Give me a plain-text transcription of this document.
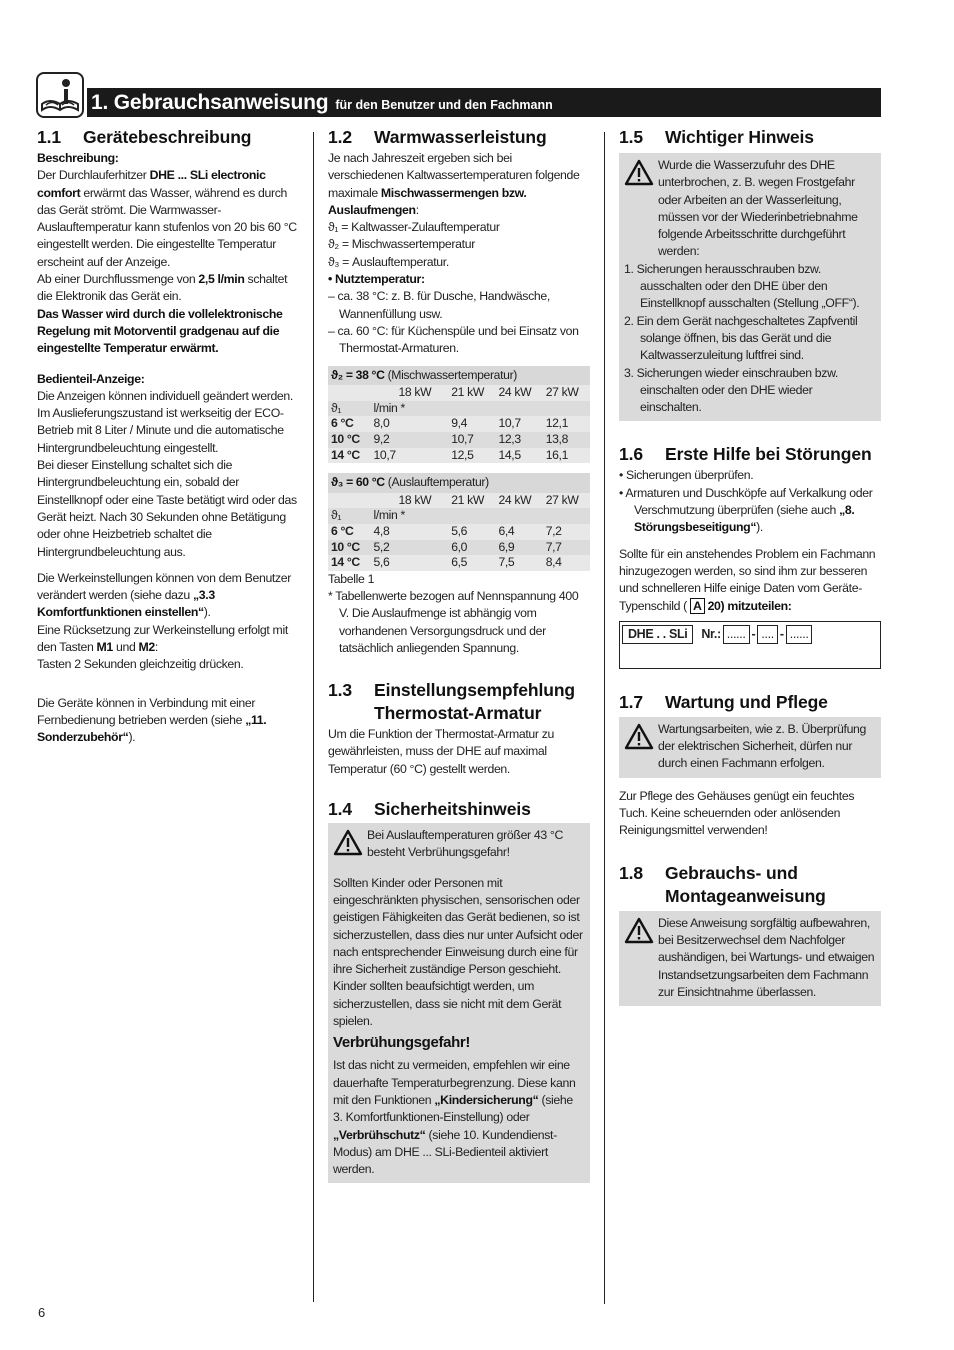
1. Gebrauchsanweisung für den Benutzer und den Fachmann
1.1	Gerätebeschreibung
Beschreibung:

Der Durchlauferhitzer DHE ... SLi electronic comfort erwärmt das Wasser, während es durch das Gerät strömt. Die Warmwasser-Auslauftemperatur kann stufenlos von 20 bis 60 °C eingestellt werden. Die eingestellte Temperatur erscheint auf der Anzeige.

Ab einer Durchflussmenge von 2,5 l/min schaltet die Elektronik das Gerät ein.

Das Wasser wird durch die vollelektronische Regelung mit Motorventil gradgenau auf die eingestellte Temperatur erwärmt.

Bedienteil-Anzeige:

Die Anzeigen können individuell geändert werden.

Im Auslieferungszustand ist werkseitig der ECO-Betrieb mit 8 Liter / Minute und die automatische Hintergrundbeleuchtung eingestellt.

Bei dieser Einstellung schaltet sich die Hintergrundbeleuchtung ein, sobald der Einstellknopf oder eine Taste betätigt wird oder das Gerät heizt. Nach 30 Sekunden ohne Betätigung oder ohne Heizbetrieb schaltet die Hintergrundbeleuchtung aus.

Die Werkeinstellungen können von dem Benutzer verändert werden (siehe dazu „3.3 Komfortfunktionen einstellen“).

Eine Rücksetzung zur Werkeinstellung erfolgt mit den Tasten M1 und M2:

Tasten 2 Sekunden gleichzeitig drücken.

Die Geräte können in Verbindung mit einer Fernbedienung betrieben werden (siehe „11. Sonderzubehör“).

1.2	Warmwasserleistung

Je nach Jahreszeit ergeben sich bei verschiedenen Kaltwassertemperaturen folgende maximale Mischwassermengen bzw. Auslaufmengen:

ϑ₁ = Kaltwasser-Zulauftemperatur

ϑ₂ = Mischwassertemperatur

ϑ₃ = Auslauftemperatur.

• Nutztemperatur:

– ca. 38 °C: z. B. für Dusche, Handwäsche, Wannenfüllung usw.

– ca. 60 °C: für Küchenspüle und bei Einsatz von Thermostat-Armaturen.

ϑ₂ = 38 °C (Mischwassertemperatur)				
	18 kW	21 kW	24 kW	27 kW
ϑ₁	l/min *			
6 °C	8,0	9,4	10,7	12,1
10 °C	9,2	10,7	12,3	13,8
14 °C	10,7	12,5	14,5	16,1
ϑ₃ = 60 °C (Auslauftemperatur)				
	18 kW	21 kW	24 kW	27 kW
ϑ₁	l/min *			
6 °C	4,8	5,6	6,4	7,2
10 °C	5,2	6,0	6,9	7,7
14 °C	5,6	6,5	7,5	8,4

Tabelle 1

* Tabellenwerte bezogen auf Nennspannung 400 V. Die Auslaufmenge ist abhängig vom vorhandenen Versorgungsdruck und der tatsächlich anliegenden Spannung.

1.3	Einstellungsempfehlung Thermostat-Armatur

Um die Funktion der Thermostat-Armatur zu gewährleisten, muss der DHE auf maximal Temperatur (60 °C) gestellt werden.

1.4	Sicherheitshinweis
Bei Auslauftemperaturen größer 43 °C besteht Verbrühungsgefahr!

Sollten Kinder oder Personen mit eingeschränkten physischen, sensorischen oder geistigen Fähigkeiten das Gerät bedienen, so ist sicherzustellen, dass dies nur unter Aufsicht oder nach entsprechender Einweisung durch eine für ihre Sicherheit zuständige Person geschieht.

Kinder sollten beaufsichtigt werden, um sicherzustellen, dass sie nicht mit dem Gerät spielen.

Verbrühungsgefahr!

Ist das nicht zu vermeiden, empfehlen wir eine dauerhafte Temperaturbegrenzung. Diese kann mit den Funktionen „Kindersicherung“ (siehe 3. Komfortfunktionen-Einstellung) oder „Verbrühschutz“ (siehe 10. Kundendienst-Modus) am DHE ... SLi-Bedienteil aktiviert werden.

1.5	Wichtiger Hinweis
Wurde die Wasserzufuhr des DHE unterbrochen, z. B. wegen Frostgefahr oder Arbeiten an der Wasserleitung, müssen vor der Wiederinbetriebnahme folgende Arbeitsschritte durchgeführt werden:

1. Sicherungen herausschrauben bzw. ausschalten oder den DHE über den Einstellknopf ausschalten (Stellung „OFF“).

2. Ein dem Gerät nachgeschaltetes Zapfventil solange öffnen, bis das Gerät und die Kaltwasserzuleitung luftfrei sind.

3. Sicherungen wieder einschrauben bzw. einschalten oder den DHE wieder einschalten.

1.6	Erste Hilfe bei Störungen

• Sicherungen überprüfen.

• Armaturen und Duschköpfe auf Verkalkung oder Verschmutzung überprüfen (siehe auch „8. Störungsbeseitigung“).

Sollte für ein anstehendes Problem ein Fachmann hinzugezogen werden, so sind ihm zur besseren und schnelleren Hilfe einige Daten vom Geräte-Typenschild ( A 20) mitzuteilen:

DHE . . SLi	Nr.: ...... - .... - ......
1.7	Wartung und Pflege
Wartungsarbeiten, wie z. B. Überprüfung der elektrischen Sicherheit, dürfen nur durch einen Fachmann erfolgen.

Zur Pflege des Gehäuses genügt ein feuchtes Tuch. Keine scheuernden oder anlösenden Reinigungsmittel verwenden!

1.8	Gebrauchs- und Montageanweisung
Diese Anweisung sorgfältig aufbewahren, bei Besitzerwechsel dem Nachfolger aushändigen, bei Wartungs- und etwaigen Instandsetzungsarbeiten dem Fachmann zur Einsichtnahme überlassen.
6
